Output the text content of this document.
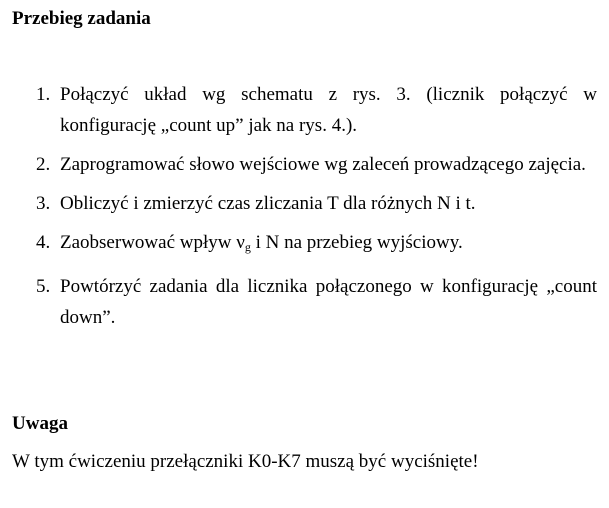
Przebieg zadania
1. Połączyć układ wg schematu z rys. 3. (licznik połączyć w konfigurację „count up” jak na rys. 4.).
2. Zaprogramować słowo wejściowe wg zaleceń prowadzącego zajęcia.
3. Obliczyć i zmierzyć czas zliczania T dla różnych N i t.
4. Zaobserwować wpływ $\nu_g$ i N na przebieg wyjściowy.
5. Powtórzyć zadania dla licznika połączonego w konfigurację „count down”.
Uwaga
W tym ćwiczeniu przełączniki K0-K7 muszą być wyciśnięte!
